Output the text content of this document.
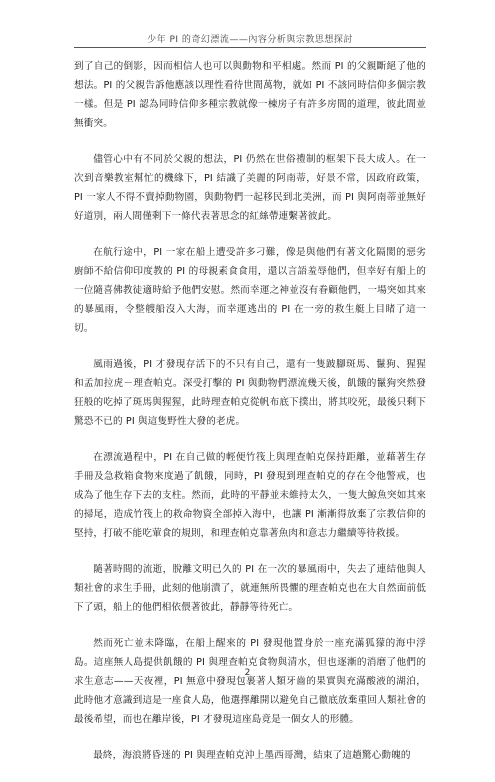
少年 PI 的奇幻漂流——內容分析與宗教思想探討

到了自己的倒影，因而相信人也可以與動物和平相處。然而 PI 的父親斷絕了他的想法。PI 的父親告訴他應該以理性看待世間萬物，就如 PI 不該同時信仰多個宗教一樣。但是 PI 認為同時信仰多種宗教就像一棟房子有許多房間的道理，彼此間並無衝突。

儘管心中有不同於父親的想法，PI 仍然在世俗禮制的框架下長大成人。在一次到音樂教室幫忙的機緣下，PI 結識了美麗的阿南蒂，好景不常，因政府政策，PI 一家人不得不賣掉動物園，與動物們一起移民到北美洲，而 PI 與阿南蒂並無好好道別，兩人間僅剩下一條代表著思念的紅絲帶連繫著彼此。

在航行途中，PI 一家在船上遭受許多刁難，像是與他們有著文化隔閡的惡劣廚師不給信仰印度教的 PI 的母親素食食用，還以言語羞辱他們，但幸好有船上的一位隨喜佛教徒適時給予他們安慰。然而幸運之神並沒有眷顧他們，一場突如其來的暴風雨，令整艘船沒入大海，而幸運逃出的 PI 在一旁的救生艇上目睹了這一切。

風雨過後，PI 才發現存活下的不只有自己，還有一隻跛腳斑馬、鬣狗、猩猩和孟加拉虎－理查帕克。深受打擊的 PI 與動物們漂流幾天後，飢餓的鬣狗突然發狂般的吃掉了斑馬與猩猩，此時理查帕克從帆布底下撲出，將其咬死，最後只剩下驚恐不已的 PI 與這隻野性大發的老虎。

在漂流過程中，PI 在自己做的輕便竹筏上與理查帕克保持距離，並藉著生存手冊及急救箱食物來度過了飢餓，同時，PI 發現到理查帕克的存在令他警戒，也成為了他生存下去的支柱。然而，此時的平靜並未維持太久，一隻大鯨魚突如其來的掃尾，造成竹筏上的救命物資全部掉入海中，也讓 PI 漸漸得放棄了宗教信仰的堅持，打破不能吃葷食的規則，和理查帕克靠著魚肉和意志力繼續等待救援。

隨著時間的流逝，脫離文明已久的 PI 在一次的暴風雨中，失去了連結他與人類社會的求生手冊，此刻的他崩潰了，就連無所畏懼的理查帕克也在大自然面前低下了頭，船上的他們相依偎著彼此，靜靜等待死亡。

然而死亡並未降臨，在船上醒來的 PI 發現他置身於一座充滿狐獴的海中浮島。這座無人島提供飢餓的 PI 與理查帕克食物與清水，但也逐漸的消磨了他們的求生意志——天夜裡，PI 無意中發現包裹著人類牙齒的果實與充滿酸液的湖泊，此時他才意識到這是一座食人島，他選擇離開以避免自己徹底放棄重回人類社會的最後希望，而也在離岸後，PI 才發現這座島竟是一個女人的形體。

最終，海浪將昏迷的 PI 與理查帕克沖上墨西哥灣，結束了這趟驚心動魄的

2
